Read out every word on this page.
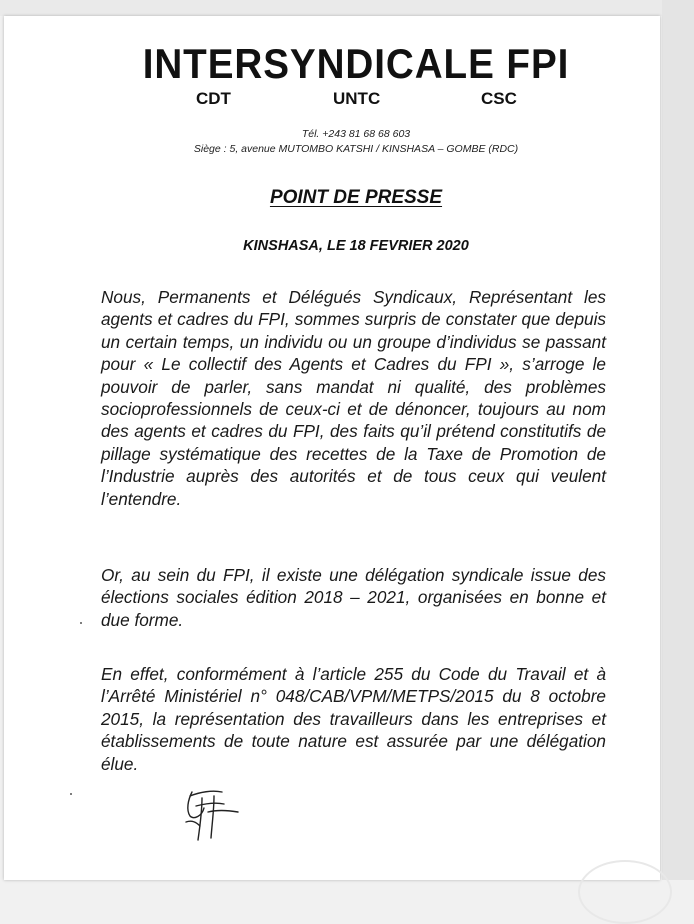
INTERSYNDICALE FPI
CDT	UNTC	CSC
Tél. +243 81 68 68 603
Siège : 5, avenue MUTOMBO KATSHI / KINSHASA – GOMBE (RDC)
POINT DE PRESSE
KINSHASA, LE 18 FEVRIER 2020
Nous, Permanents et Délégués Syndicaux, Représentant les agents et cadres du FPI, sommes surpris de constater que depuis un certain temps, un individu ou un groupe d’individus se passant pour « Le collectif des Agents et Cadres du FPI », s’arroge le pouvoir de parler, sans mandat ni qualité, des problèmes socioprofessionnels de ceux-ci et de dénoncer, toujours au nom des agents et cadres du FPI, des faits qu’il prétend constitutifs de pillage systématique des recettes de la Taxe de Promotion de l’Industrie auprès des autorités et de tous ceux qui veulent l’entendre.
Or, au sein du FPI, il existe une délégation syndicale issue des élections sociales édition 2018 – 2021, organisées en bonne et due forme.
En effet, conformément à l’article 255 du Code du Travail et à l’Arrêté Ministériel n° 048/CAB/VPM/METPS/2015 du 8 octobre 2015, la représentation des travailleurs dans les entreprises et établissements de toute nature est assurée par une délégation élue.
